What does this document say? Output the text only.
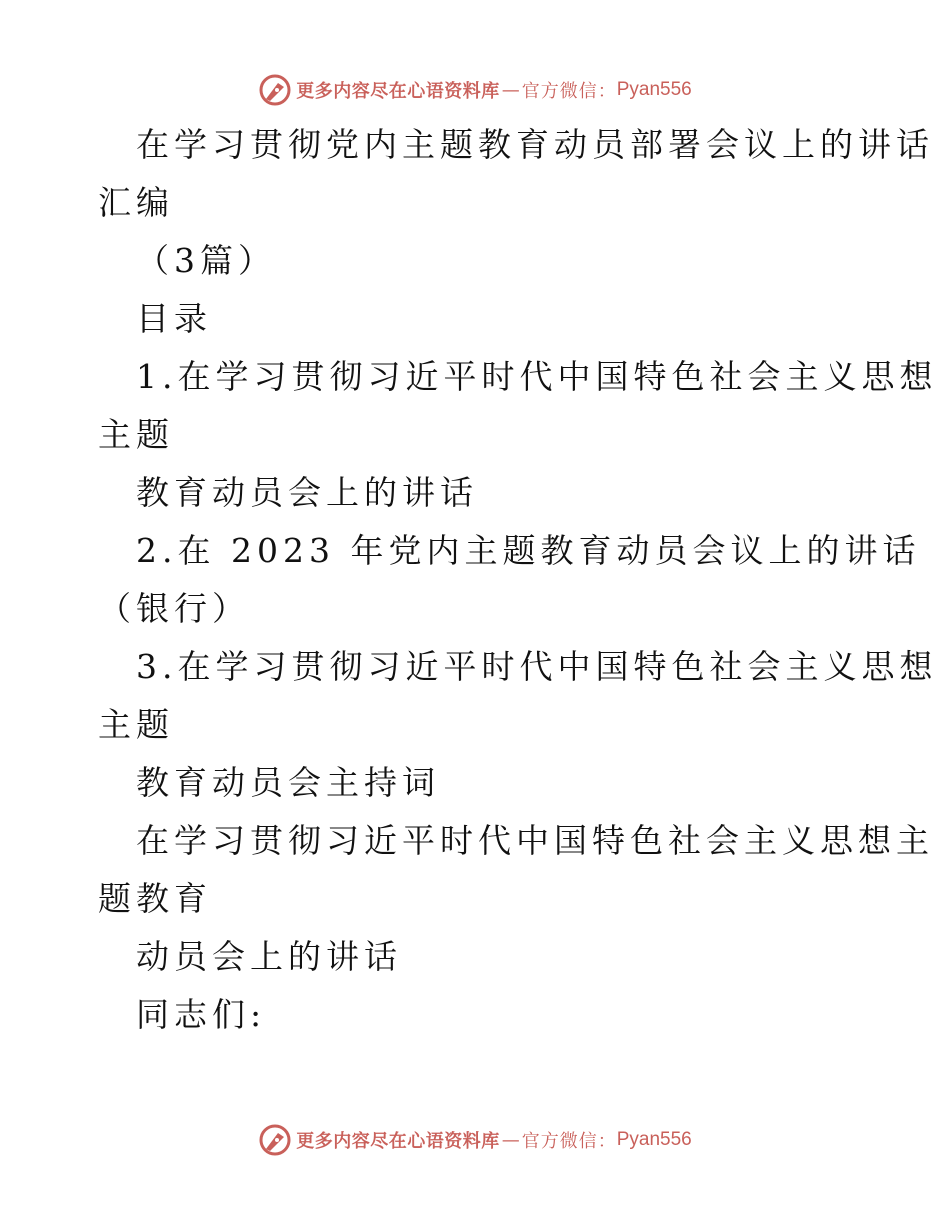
更多内容尽在心语资料库 — 官方微信： Pyan556

在学习贯彻党内主题教育动员部署会议上的讲话

汇编

（3篇）

目录

1.在学习贯彻习近平时代中国特色社会主义思想

主题

教育动员会上的讲话

2.在 2023 年党内主题教育动员会议上的讲话

（银行）

3.在学习贯彻习近平时代中国特色社会主义思想

主题

教育动员会主持词

在学习贯彻习近平时代中国特色社会主义思想主

题教育

动员会上的讲话

同志们:

更多内容尽在心语资料库 — 官方微信： Pyan556
